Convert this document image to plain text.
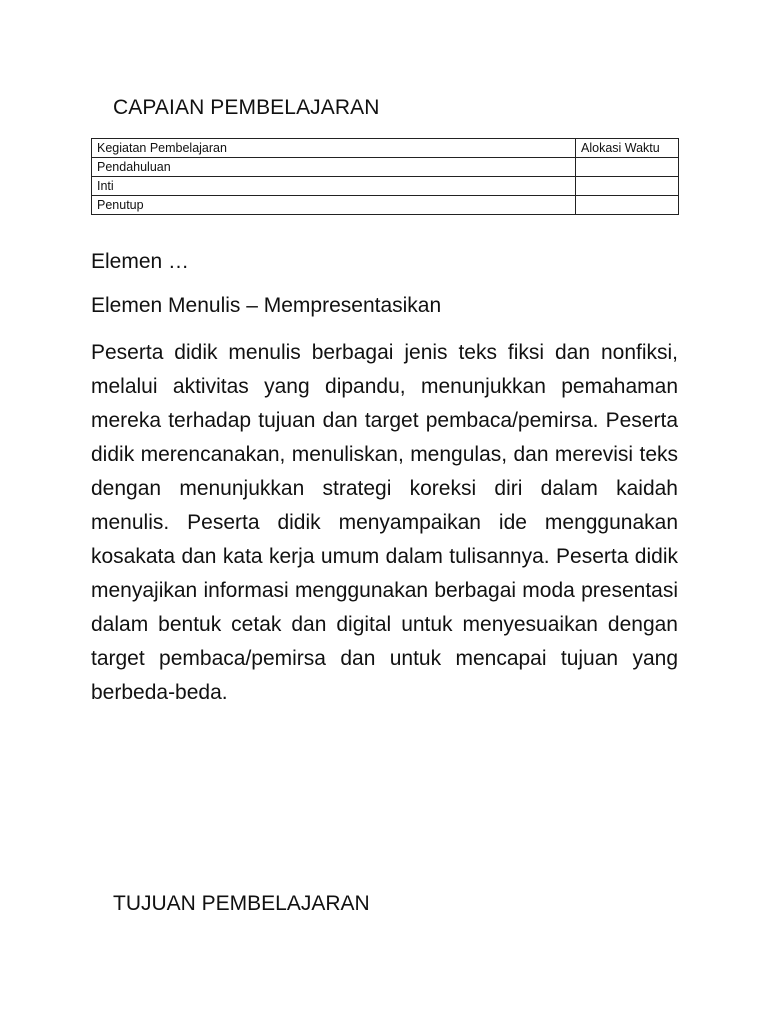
CAPAIAN PEMBELAJARAN
Kegiatan Pembelajaran	Alokasi Waktu
Pendahuluan	
Inti	
Penutup	
Elemen …
Elemen Menulis – Mempresentasikan

Peserta didik menulis berbagai jenis teks fiksi dan nonfiksi, melalui aktivitas yang dipandu, menunjukkan pemahaman mereka terhadap tujuan dan target pembaca/pemirsa. Peserta didik merencanakan, menuliskan, mengulas, dan merevisi teks dengan menunjukkan strategi koreksi diri dalam kaidah menulis. Peserta didik menyampaikan ide menggunakan kosakata dan kata kerja umum dalam tulisannya. Peserta didik menyajikan informasi menggunakan berbagai moda presentasi dalam bentuk cetak dan digital untuk menyesuaikan dengan target pembaca/pemirsa dan untuk mencapai tujuan yang berbeda-beda.

TUJUAN PEMBELAJARAN
